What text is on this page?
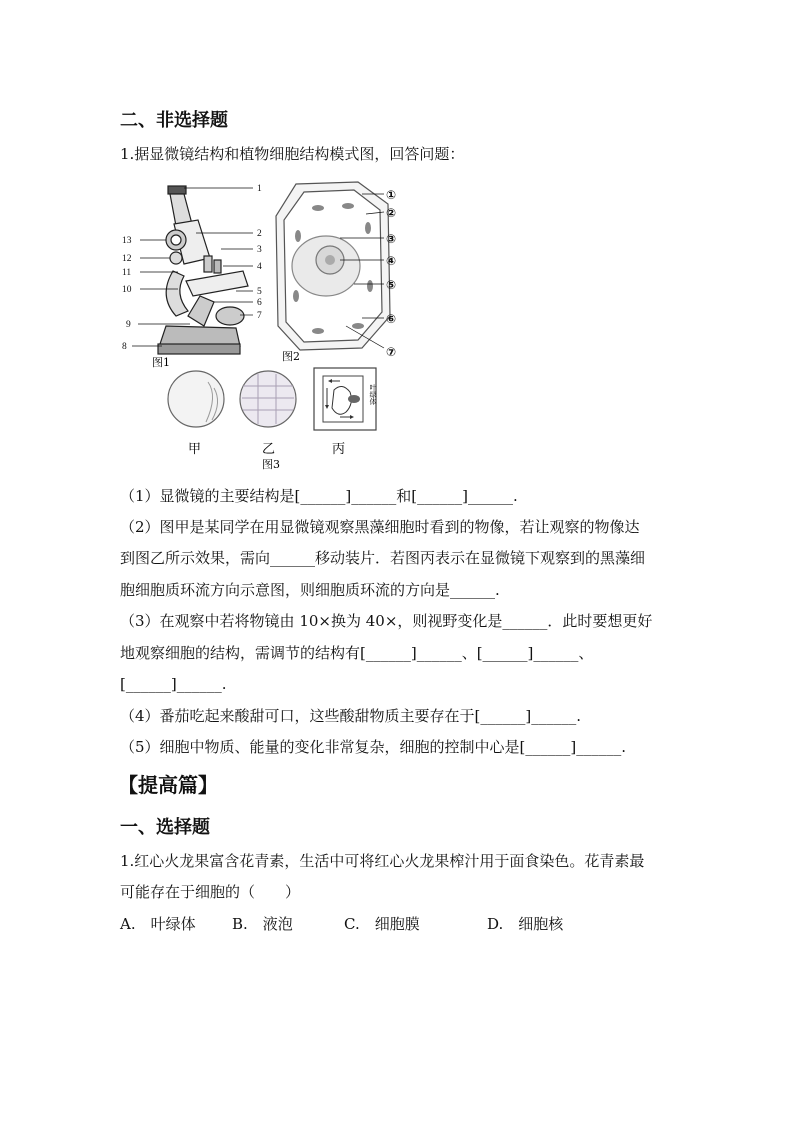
二、非选择题
1.据显微镜结构和植物细胞结构模式图，回答问题：
1
2
3
4
5
6
7
8
9
10
11
12
13
①
②
③
④
⑤
⑥
⑦
图1	图2
叶绿体
甲	乙	丙
图3
（1）显微镜的主要结构是[______]______和[______]______.
（2）图甲是某同学在用显微镜观察黑藻细胞时看到的物像，若让观察的物像达
到图乙所示效果，需向______移动装片．若图丙表示在显微镜下观察到的黑藻细
胞细胞质环流方向示意图，则细胞质环流的方向是______.
（3）在观察中若将物镜由 10×换为 40×，则视野变化是______．此时要想更好
地观察细胞的结构，需调节的结构有[______]______、[______]______、
[______]______.
（4）番茄吃起来酸甜可口，这些酸甜物质主要存在于[______]______.
（5）细胞中物质、能量的变化非常复杂，细胞的控制中心是[______]______.
【提高篇】
一、选择题
1.红心火龙果富含花青素，生活中可将红心火龙果榨汁用于面食染色。花青素最
可能存在于细胞的（　　）
A.　叶绿体 B.　液泡	C.　细胞膜	D.　细胞核
